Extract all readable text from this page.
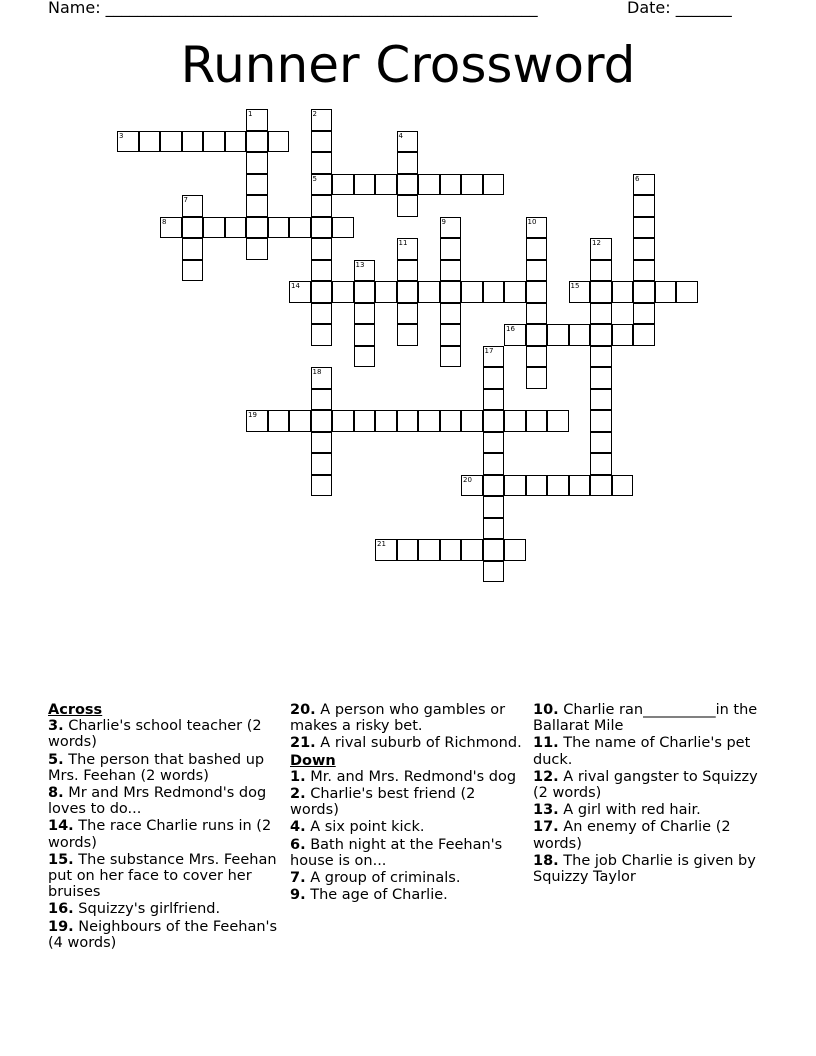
Name: ______________________________________________________	Date: _______
Runner Crossword
1	2
5
3	4
6
7
8	9	10
11	12
13
14	15
16
17
18
19
20
21
Across
3. Charlie's school teacher (2 words)
5. The person that bashed up Mrs. Feehan (2 words)
8. Mr and Mrs Redmond's dog loves to do...
14. The race Charlie runs in (2 words)
15. The substance Mrs. Feehan put on her face to cover her bruises
16. Squizzy's girlfriend.
19. Neighbours of the Feehan's (4 words)
20. A person who gambles or makes a risky bet.
21. A rival suburb of Richmond.
Down
1. Mr. and Mrs. Redmond's dog
2. Charlie's best friend (2 words)
4. A six point kick.
6. Bath night at the Feehan's house is on...
7. A group of criminals.
9. The age of Charlie.
10. Charlie ran__________in the Ballarat Mile
11. The name of Charlie's pet duck.
12. A rival gangster to Squizzy (2 words)
13. A girl with red hair.
17. An enemy of Charlie (2 words)
18. The job Charlie is given by Squizzy Taylor
